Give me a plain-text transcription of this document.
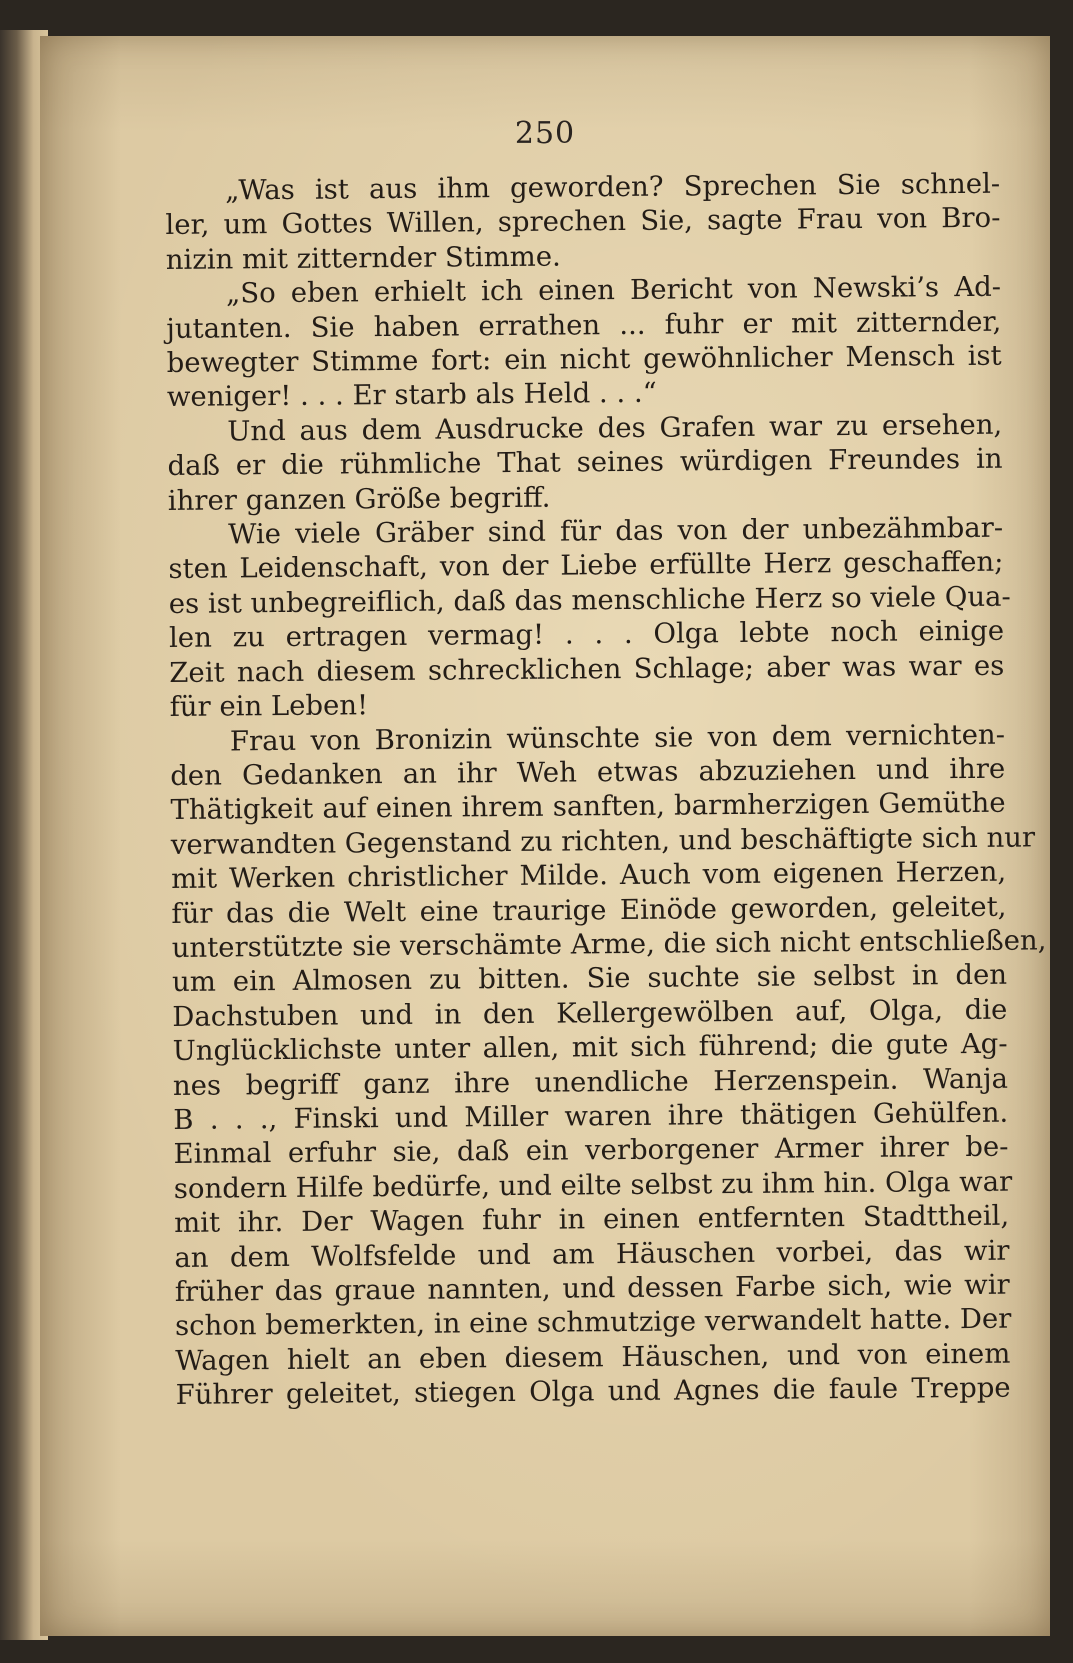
250
„Was ist aus ihm geworden? Sprechen Sie schnel-
ler, um Gottes Willen, sprechen Sie, sagte Frau von Bro-
nizin mit zitternder Stimme.
„So eben erhielt ich einen Bericht von Newski’s Ad-
jutanten. Sie haben errathen ... fuhr er mit zitternder,
bewegter Stimme fort: ein nicht gewöhnlicher Mensch ist
weniger! . . . Er starb als Held . . .“
Und aus dem Ausdrucke des Grafen war zu ersehen,
daß er die rühmliche That seines würdigen Freundes in
ihrer ganzen Größe begriff.
Wie viele Gräber sind für das von der unbezähmbar-
sten Leidenschaft, von der Liebe erfüllte Herz geschaffen;
es ist unbegreiflich, daß das menschliche Herz so viele Qua-
len zu ertragen vermag! . . . Olga lebte noch einige
Zeit nach diesem schrecklichen Schlage; aber was war es
für ein Leben!
Frau von Bronizin wünschte sie von dem vernichten-
den Gedanken an ihr Weh etwas abzuziehen und ihre
Thätigkeit auf einen ihrem sanften, barmherzigen Gemüthe
verwandten Gegenstand zu richten, und beschäftigte sich nur
mit Werken christlicher Milde. Auch vom eigenen Herzen,
für das die Welt eine traurige Einöde geworden, geleitet,
unterstützte sie verschämte Arme, die sich nicht entschließen,
um ein Almosen zu bitten. Sie suchte sie selbst in den
Dachstuben und in den Kellergewölben auf, Olga, die
Unglücklichste unter allen, mit sich führend; die gute Ag-
nes begriff ganz ihre unendliche Herzenspein. Wanja
B . . ., Finski und Miller waren ihre thätigen Gehülfen.
Einmal erfuhr sie, daß ein verborgener Armer ihrer be-
sondern Hilfe bedürfe, und eilte selbst zu ihm hin. Olga war
mit ihr. Der Wagen fuhr in einen entfernten Stadttheil,
an dem Wolfsfelde und am Häuschen vorbei, das wir
früher das graue nannten, und dessen Farbe sich, wie wir
schon bemerkten, in eine schmutzige verwandelt hatte. Der
Wagen hielt an eben diesem Häuschen, und von einem
Führer geleitet, stiegen Olga und Agnes die faule Treppe
